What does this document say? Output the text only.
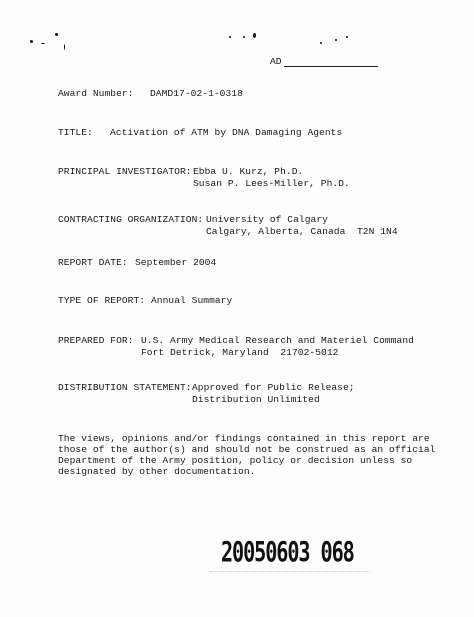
AD
Award Number: DAMD17-02-1-0318
TITLE: Activation of ATM by DNA Damaging Agents
PRINCIPAL INVESTIGATOR: Ebba U. Kurz, Ph.D.
Susan P. Lees-Miller, Ph.D.
CONTRACTING ORGANIZATION: University of Calgary
Calgary, Alberta, Canada  T2N 1N4
REPORT DATE: September 2004
TYPE OF REPORT: Annual Summary
PREPARED FOR: U.S. Army Medical Research and Materiel Command
Fort Detrick, Maryland  21702-5012
DISTRIBUTION STATEMENT: Approved for Public Release;
Distribution Unlimited
The views, opinions and/or findings contained in this report are
those of the author(s) and should not be construed as an official
Department of the Army position, policy or decision unless so
designated by other documentation.
20050603 068
